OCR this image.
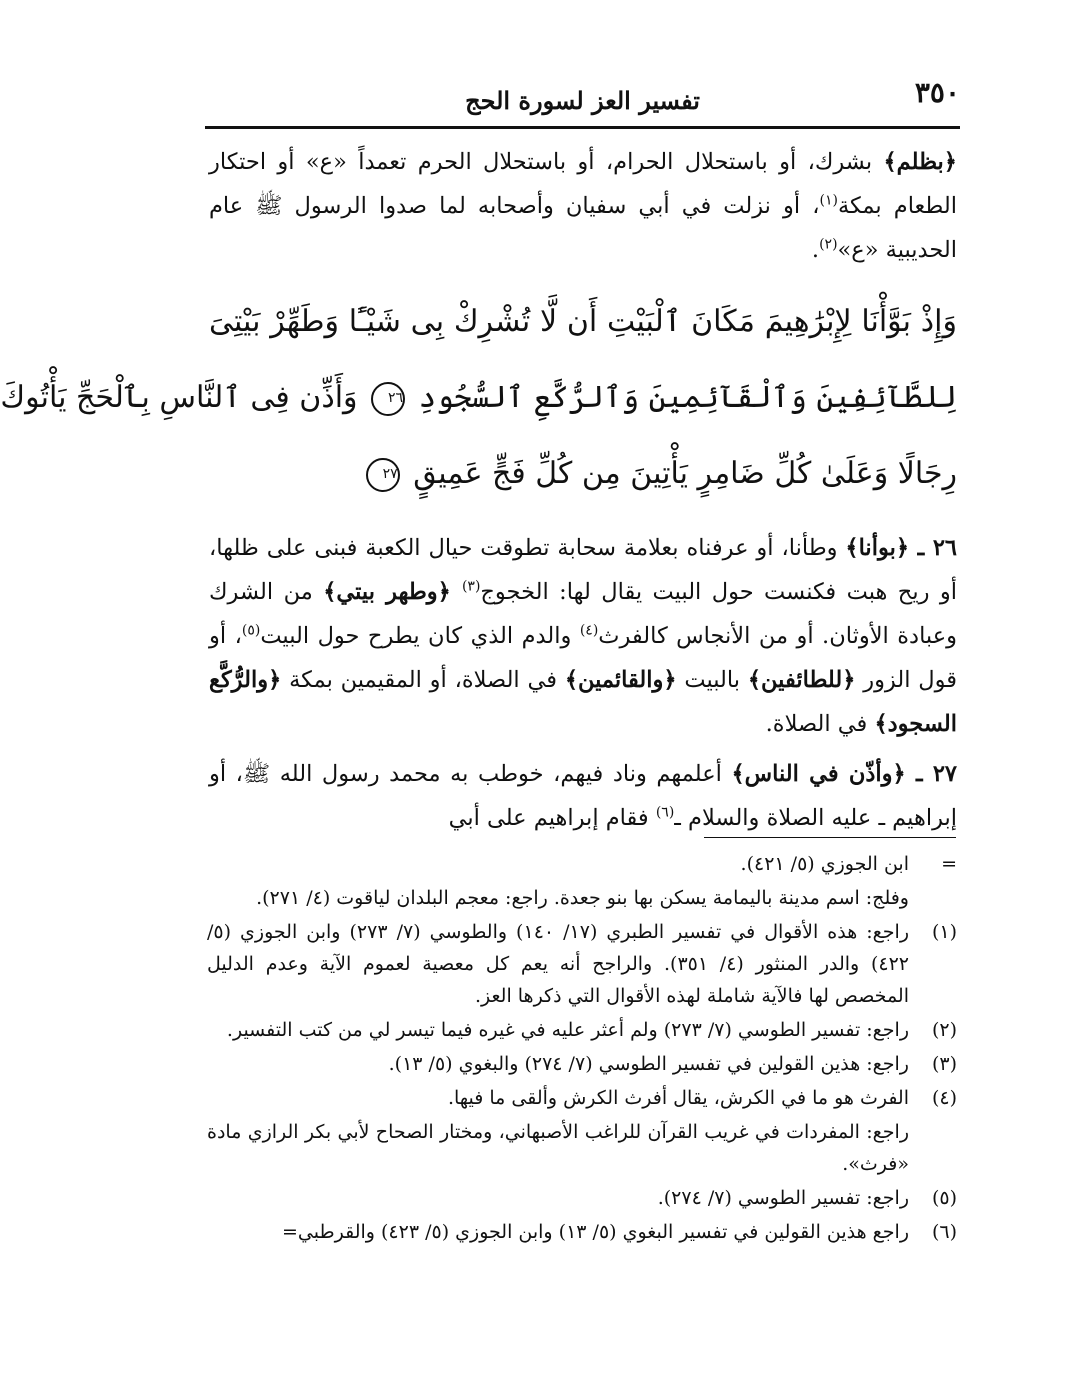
٣٥٠
تفسير العز لسورة الحج

﴿بظلم﴾ بشرك، أو باستحلال الحرام، أو باستحلال الحرم تعمداً «ع» أو احتكار الطعام بمكة$^{(١)}$، أو نزلت في أبي سفيان وأصحابه لما صدوا الرسول ﷺ عام الحديبية «ع»$^{(٢)}$.

وَإِذْ بَوَّأْنَا لِإِبْرَٰهِيمَ مَكَانَ ٱلْبَيْتِ أَن لَّا تُشْرِكْ بِى شَيْـًٔا وَطَهِّرْ بَيْتِىَ
لِلطَّآئِفِينَ وَٱلْقَآئِمِينَ وَٱلرُّكَّعِ ٱلسُّجُودِ ٢٦ وَأَذِّن فِى ٱلنَّاسِ بِٱلْحَجِّ يَأْتُوكَ
رِجَالًا وَعَلَىٰ كُلِّ ضَامِرٍ يَأْتِينَ مِن كُلِّ فَجٍّ عَمِيقٍ ٢٧

٢٦ ـ ﴿بوأنا﴾ وطأنا، أو عرفناه بعلامة سحابة تطوقت حيال الكعبة فبنى على ظلها، أو ريح هبت فكنست حول البيت يقال لها: الخجوج$^{(٣)}$ ﴿وطهر بيتي﴾ من الشرك وعبادة الأوثان. أو من الأنجاس كالفرث$^{(٤)}$ والدم الذي كان يطرح حول البيت$^{(٥)}$، أو قول الزور ﴿للطائفين﴾ بالبيت ﴿والقائمين﴾ في الصلاة، أو المقيمين بمكة ﴿والرُّكَّع السجود﴾ في الصلاة.

٢٧ ـ ﴿وأذّن في الناس﴾ أعلمهم وناد فيهم، خوطب به محمد رسول الله ﷺ، أو إبراهيم ـ عليه الصلاة والسلام ـ$^{(٦)}$ فقام إبراهيم على أبي

=
ابن الجوزي (٥/ ٤٢١).
وفلج: اسم مدينة باليمامة يسكن بها بنو جعدة. راجع: معجم البلدان لياقوت (٤/ ٢٧١).
(١)
راجع: هذه الأقوال في تفسير الطبري (١٧/ ١٤٠) والطوسي (٧/ ٢٧٣) وابن الجوزي (٥/ ٤٢٢) والدر المنثور (٤/ ٣٥١). والراجح أنه يعم كل معصية لعموم الآية وعدم الدليل المخصص لها فالآية شاملة لهذه الأقوال التي ذكرها العز.
(٢)
راجع: تفسير الطوسي (٧/ ٢٧٣) ولم أعثر عليه في غيره فيما تيسر لي من كتب التفسير.
(٣)
راجع: هذين القولين في تفسير الطوسي (٧/ ٢٧٤) والبغوي (٥/ ١٣).
(٤)
الفرث هو ما في الكرش، يقال أفرث الكرش وألقى ما فيها.
راجع: المفردات في غريب القرآن للراغب الأصبهاني، ومختار الصحاح لأبي بكر الرازي مادة «فرث».
(٥)
راجع: تفسير الطوسي (٧/ ٢٧٤).
(٦)
راجع هذين القولين في تفسير البغوي (٥/ ١٣) وابن الجوزي (٥/ ٤٢٣) والقرطبي=
